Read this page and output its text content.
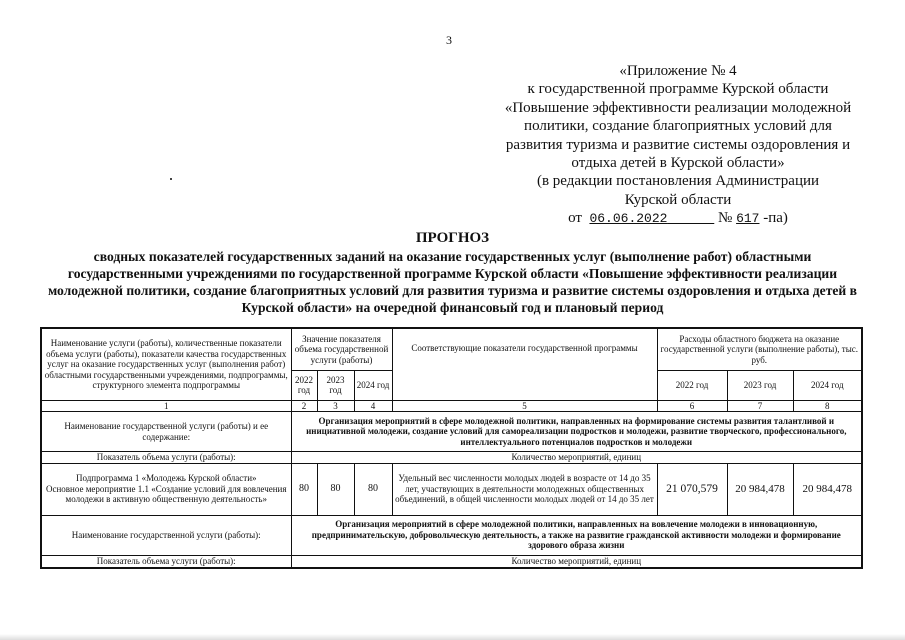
3
«Приложение № 4
к государственной программе Курской области
«Повышение эффективности реализации молодежной
политики, создание благоприятных условий для
развития туризма и развитие системы оздоровления и
отдыха детей в Курской области»
(в редакции постановления Администрации
Курской области
от 06.06.2022	№ 617 -па)
ПРОГНОЗ
сводных показателей государственных заданий на оказание государственных услуг (выполнение работ) областными государственными учреждениями по государственной программе Курской области «Повышение эффективности реализации молодежной политики, создание благоприятных условий для развития туризма и развитие системы оздоровления и отдыха детей в Курской области» на очередной финансовый год и плановый период
Наименование услуги (работы), количественные показатели объема услуги (работы), показатели качества государственных услуг на оказание государственных услуг (выполнения работ) областными государственными учреждениями, подпрограммы, структурного элемента подпрограммы	Значение показателя объема государственной услуги (работы)			Соответствующие показатели государственной программы	Расходы областного бюджета на оказание государственной услуги (выполнение работы), тыс. руб.		
	2022 год	2023 год	2024 год		2022 год	2023 год	2024 год
1	2	3	4	5	6	7	8
Наименование государственной услуги (работы) и ее содержание:	Организация мероприятий в сфере молодежной политики, направленных на формирование системы развития талантливой и инициативной молодежи, создание условий для самореализации подростков и молодежи, развитие творческого, профессионального, интеллектуального потенциалов подростков и молодежи						
Показатель объема услуги (работы):	Количество мероприятий, единиц						

Подпрограмма 1 «Молодежь Курской области»
Основное мероприятие 1.1 «Создание условий для вовлечения молодежи в активную общественную деятельность»	80	80	80	Удельный вес численности молодых людей в возрасте от 14 до 35 лет, участвующих в деятельности молодежных общественных объединений, в общей численности молодых людей от 14 до 35 лет	21 070,579	20 984,478	20 984,478
Наименование государственной услуги (работы):	Организация мероприятий в сфере молодежной политики, направленных на вовлечение молодежи в инновационную, предпринимательскую, добровольческую деятельность, а также на развитие гражданской активности молодежи и формирование здорового образа жизни						
Показатель объема услуги (работы):	Количество мероприятий, единиц						
